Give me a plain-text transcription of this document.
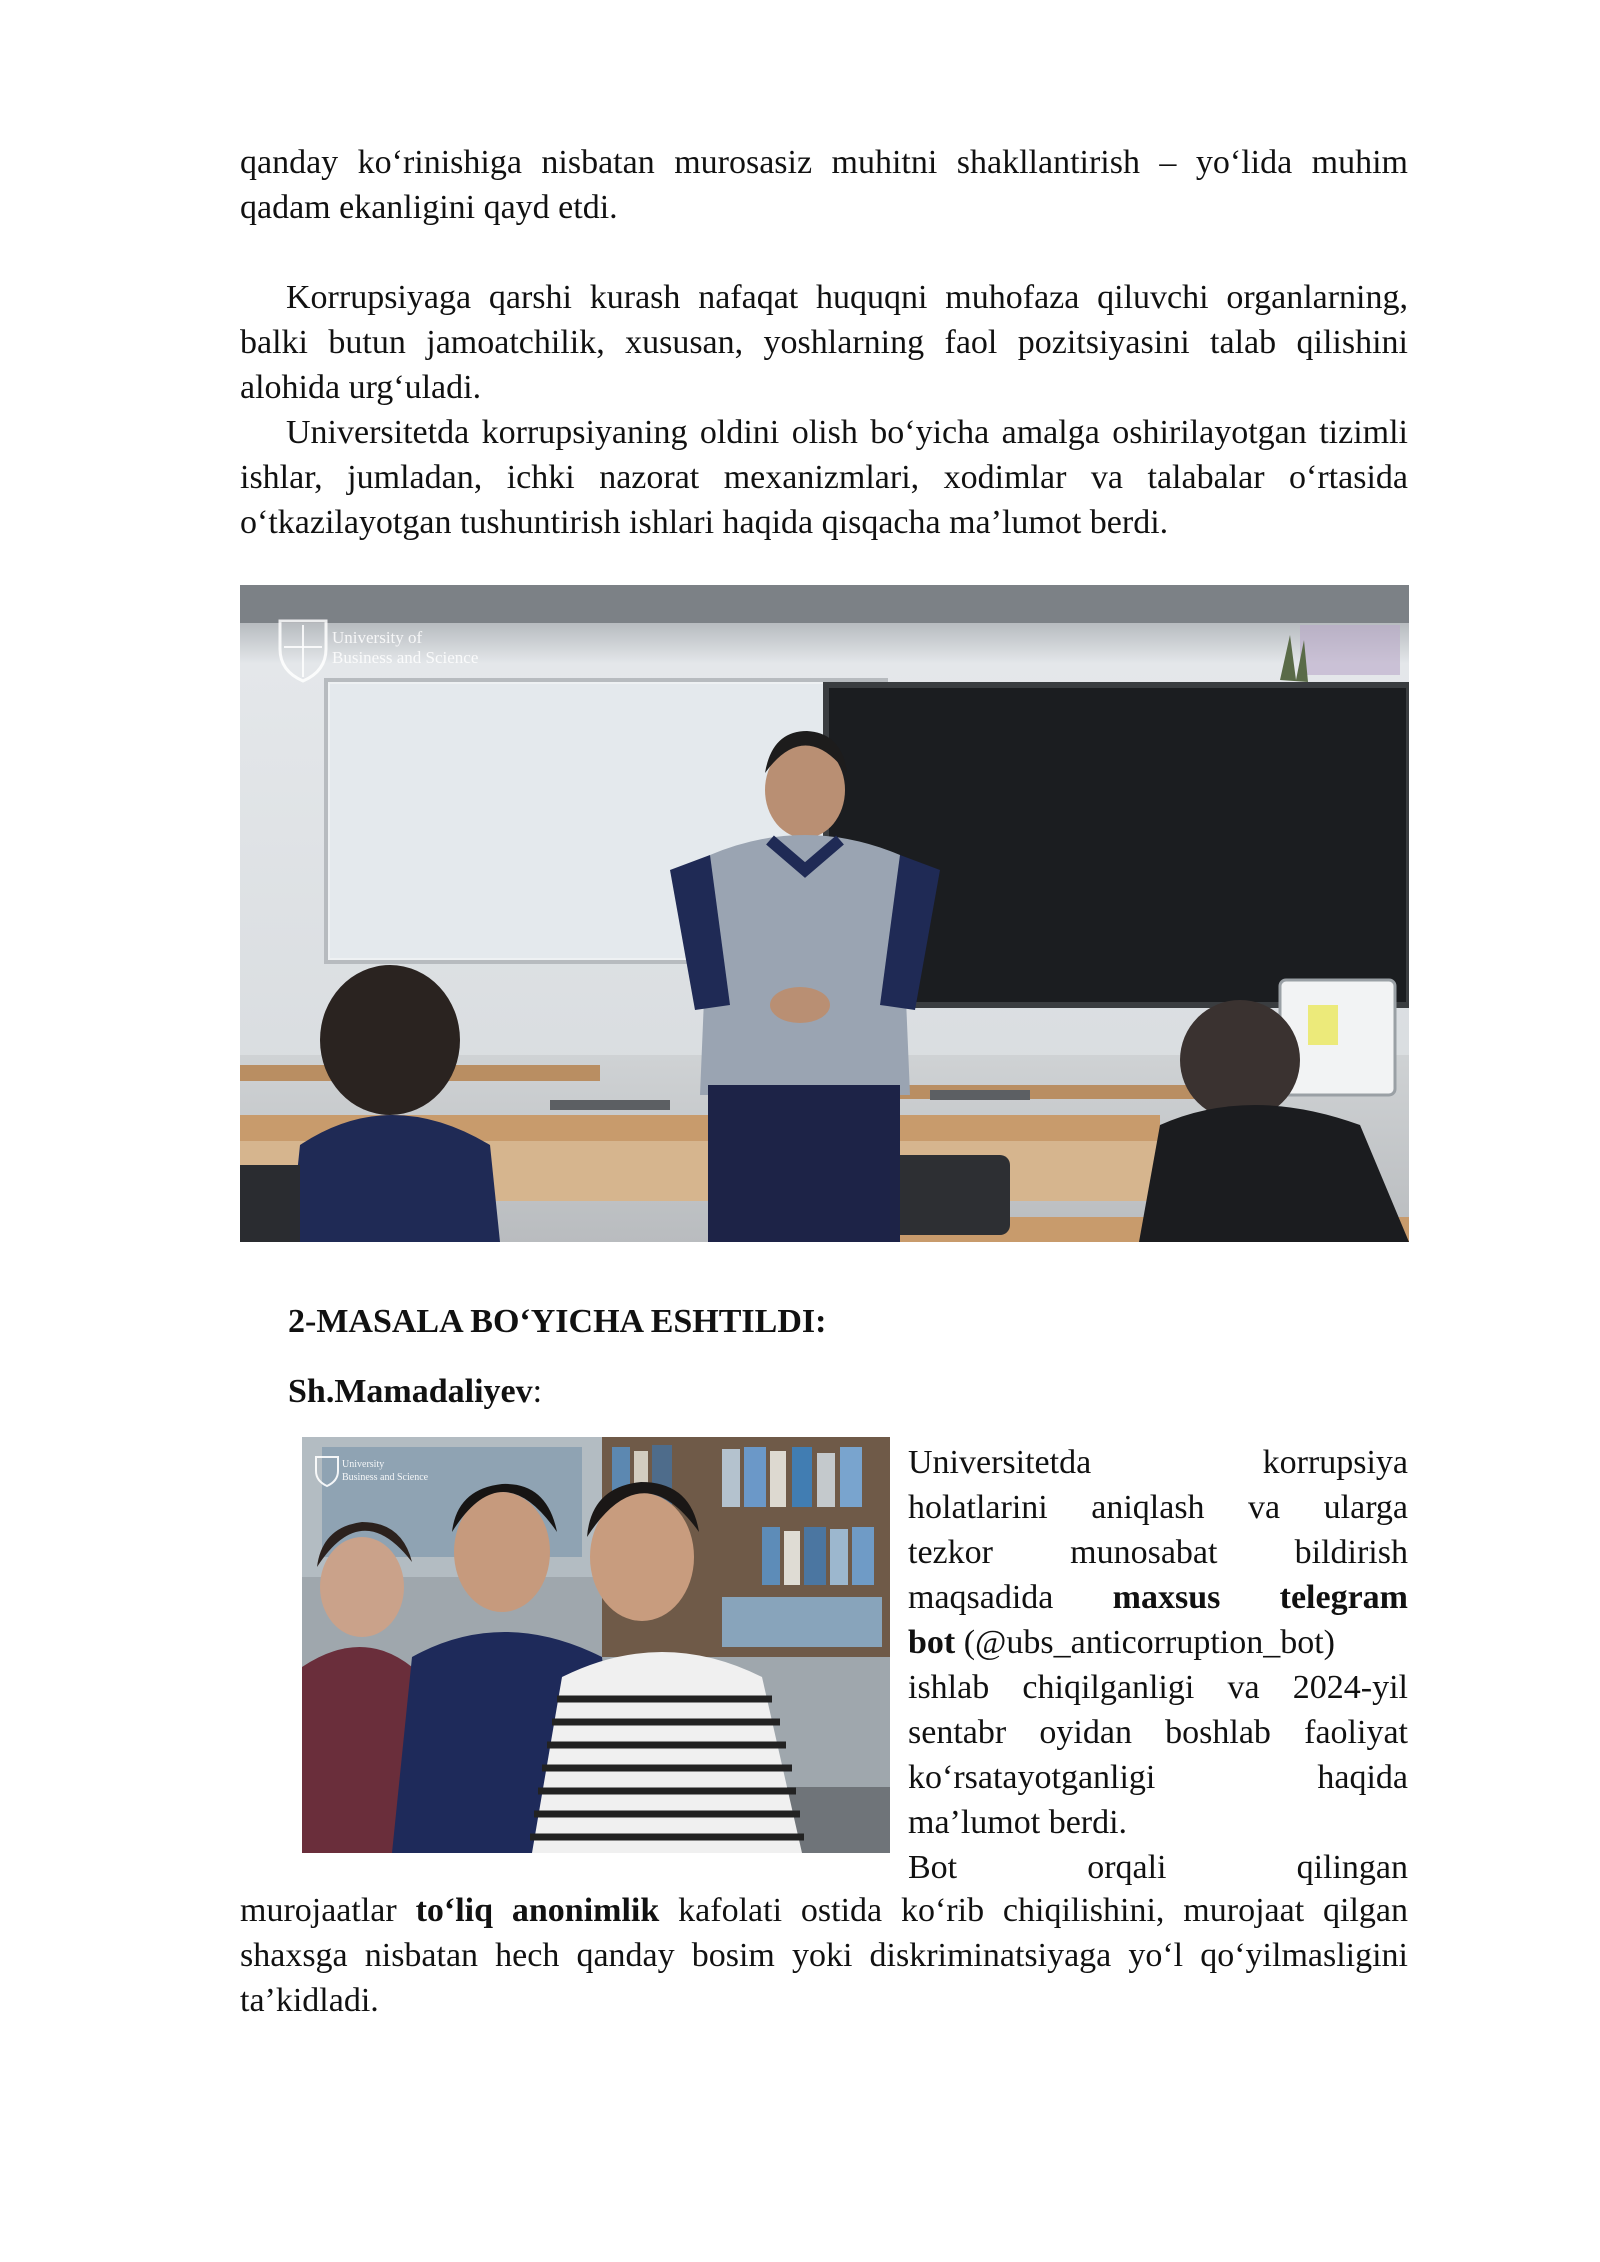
qanday ko‘rinishiga nisbatan murosasiz muhitni shakllantirish – yo‘lida muhim qadam ekanligini qayd etdi.

Korrupsiyaga qarshi kurash nafaqat huquqni muhofaza qiluvchi organlarning, balki butun jamoatchilik, xususan, yoshlarning faol pozitsiyasini talab qilishini alohida urg‘uladi.

Universitetda korrupsiyaning oldini olish bo‘yicha amalga oshirilayotgan tizimli ishlar, jumladan, ichki nazorat mexanizmlari, xodimlar va talabalar o‘rtasida o‘tkazilayotgan tushuntirish ishlari haqida qisqacha ma’lumot berdi.

University of
Business and Science
2-MASALA BO‘YICHA ESHTILDI:
Sh.Mamadaliyev:
University
Business and Science	Universitetda	korrupsiya
holatlarini aniqlash va ularga
tezkor munosabat bildirish
maqsadida maxsus telegram
bot (@ubs_anticorruption_bot)
ishlab chiqilganligi va 2024-yil
sentabr oyidan boshlab faoliyat
ko‘rsatayotganligi	haqida
ma’lumot berdi.
Bot	orqali	qilingan

murojaatlar to‘liq anonimlik kafolati ostida ko‘rib chiqilishini, murojaat qilgan shaxsga nisbatan hech qanday bosim yoki diskriminatsiyaga yo‘l qo‘yilmasligini ta’kidladi.
